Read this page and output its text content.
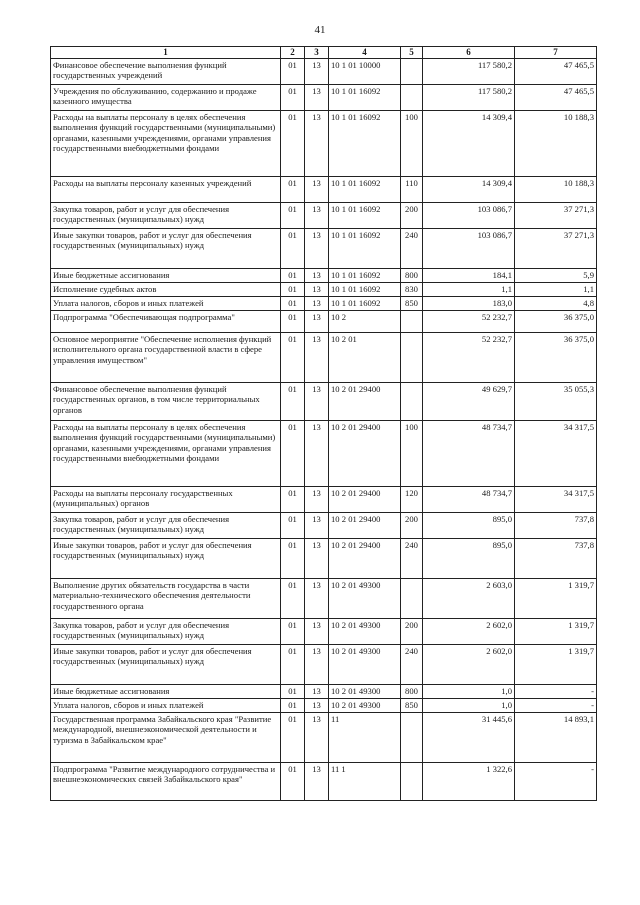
41
1	2	3	4	5	6	7
Финансовое обеспечение выполнения функций государственных учреждений	01	13	10 1 01 10000		117 580,2	47 465,5
Учреждения по обслуживанию, содержанию и продаже казенного имущества	01	13	10 1 01 16092		117 580,2	47 465,5
Расходы на выплаты персоналу в целях обеспечения выполнения функций государственными (муниципальными) органами, казенными учреждениями, органами управления государственными внебюджетными фондами	01	13	10 1 01 16092	100	14 309,4	10 188,3
Расходы на выплаты персоналу казенных учреждений	01	13	10 1 01 16092	110	14 309,4	10 188,3
Закупка товаров, работ и услуг для обеспечения государственных (муниципальных) нужд	01	13	10 1 01 16092	200	103 086,7	37 271,3
Иные закупки товаров, работ и услуг для обеспечения государственных (муниципальных) нужд	01	13	10 1 01 16092	240	103 086,7	37 271,3
Иные бюджетные ассигнования	01	13	10 1 01 16092	800	184,1	5,9
Исполнение судебных актов	01	13	10 1 01 16092	830	1,1	1,1
Уплата налогов, сборов и иных платежей	01	13	10 1 01 16092	850	183,0	4,8
Подпрограмма "Обеспечивающая подпрограмма"	01	13	10 2		52 232,7	36 375,0
Основное мероприятие "Обеспечение исполнения функций исполнительного органа государственной власти в сфере управления имуществом"	01	13	10 2 01		52 232,7	36 375,0
Финансовое обеспечение выполнения функций государственных органов, в том числе территориальных органов	01	13	10 2 01 29400		49 629,7	35 055,3
Расходы на выплаты персоналу в целях обеспечения выполнения функций государственными (муниципальными) органами, казенными учреждениями, органами управления государственными внебюджетными фондами	01	13	10 2 01 29400	100	48 734,7	34 317,5
Расходы на выплаты персоналу государственных (муниципальных) органов	01	13	10 2 01 29400	120	48 734,7	34 317,5
Закупка товаров, работ и услуг для обеспечения государственных (муниципальных) нужд	01	13	10 2 01 29400	200	895,0	737,8
Иные закупки товаров, работ и услуг для обеспечения государственных (муниципальных) нужд	01	13	10 2 01 29400	240	895,0	737,8
Выполнение других обязательств государства в части материально-технического обеспечения деятельности государственного органа	01	13	10 2 01 49300		2 603,0	1 319,7
Закупка товаров, работ и услуг для обеспечения государственных (муниципальных) нужд	01	13	10 2 01 49300	200	2 602,0	1 319,7
Иные закупки товаров, работ и услуг для обеспечения государственных (муниципальных) нужд	01	13	10 2 01 49300	240	2 602,0	1 319,7
Иные бюджетные ассигнования	01	13	10 2 01 49300	800	1,0	-
Уплата налогов, сборов и иных платежей	01	13	10 2 01 49300	850	1,0	-
Государственная программа Забайкальского края "Развитие международной, внешнеэкономической деятельности и туризма в Забайкальском крае"	01	13	11		31 445,6	14 893,1
Подпрограмма "Развитие международного сотрудничества и внешнеэкономических связей Забайкальского края"	01	13	11 1		1 322,6	-
